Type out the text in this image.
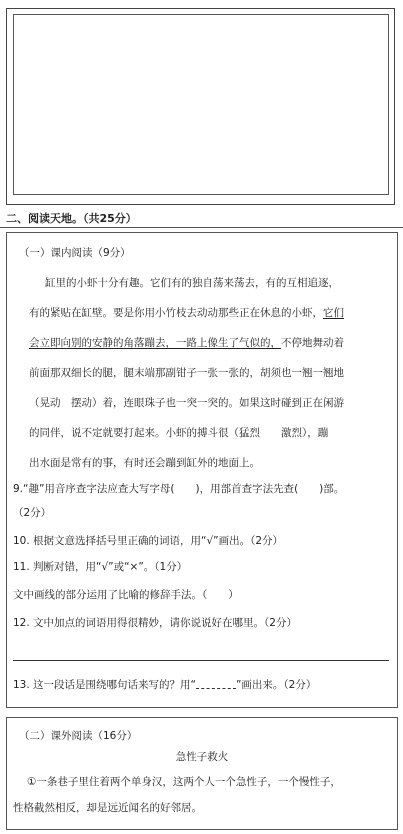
二、阅读天地。（共25分）
（一）课内阅读（9分）
缸里的小虾十分有趣。它们有的独自荡来荡去，有的互相追逐，
有的紧贴在缸壁。要是你用小竹枝去动动那些正在休息的小虾，它们
会立即向别的安静的角落蹦去，一路上像生了气似的，不停地舞动着
前面那双细长的腿，腿末端那副钳子一张一张的，胡须也一翘一翘地
（晃动　摆动）着，连眼珠子也一突一突的。如果这时碰到正在闲游
的同伴，说不定就要打起来。小虾的搏斗很（猛烈　　激烈），蹦
出水面是常有的事，有时还会蹦到缸外的地面上。
9.“趣”用音序查字法应查大写字母(　　)，用部首查字法先查(　　)部。
（2分）
10. 根据文意选择括号里正确的词语，用“√”画出。（2分）
11. 判断对错，用“√”或“×”。（1分）
文中画线的部分运用了比喻的修辞手法。（　　）
12. 文中加点的词语用得很精妙，请你说说好在哪里。（2分）
13. 这一段话是围绕哪句话来写的？用“	”画出来。（2分）
（二）课外阅读（16分）
急性子救火
①一条巷子里住着两个单身汉，这两个人一个急性子，一个慢性子，
性格截然相反，却是远近闻名的好邻居。
